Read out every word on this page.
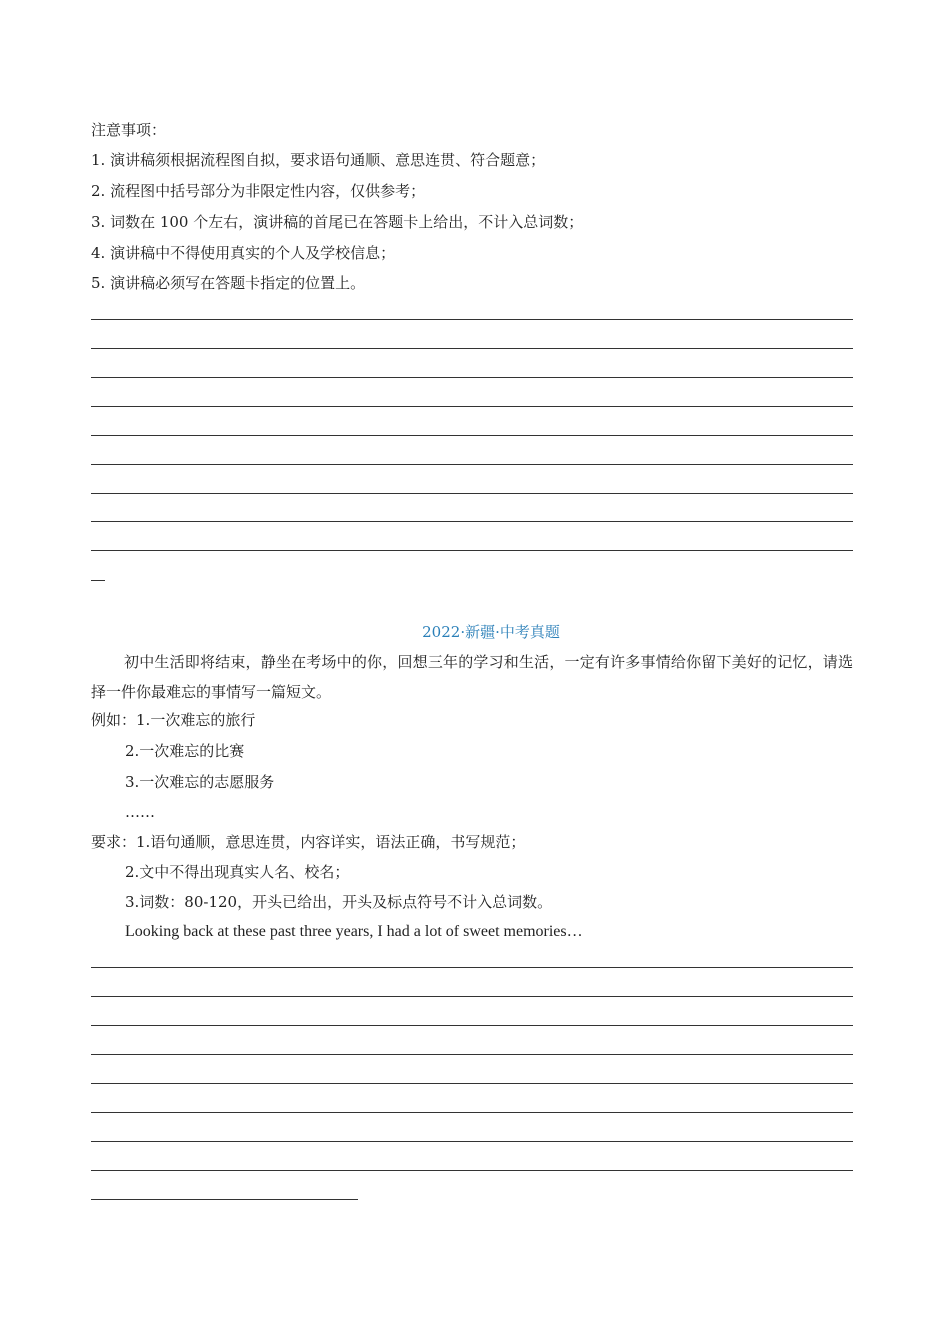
注意事项：
1. 演讲稿须根据流程图自拟，要求语句通顺、意思连贯、符合题意；
2. 流程图中括号部分为非限定性内容，仅供参考；
3. 词数在 100 个左右，演讲稿的首尾已在答题卡上给出，不计入总词数；
4. 演讲稿中不得使用真实的个人及学校信息；
5. 演讲稿必须写在答题卡指定的位置上。
2022·新疆·中考真题
初中生活即将结束，静坐在考场中的你，回想三年的学习和生活，一定有许多事情给你留下美好的记忆，请选择一件你最难忘的事情写一篇短文。
例如：1.一次难忘的旅行
2.一次难忘的比赛
3.一次难忘的志愿服务
……
要求：1.语句通顺，意思连贯，内容详实，语法正确，书写规范；
2.文中不得出现真实人名、校名；
3.词数：80-120，开头已给出，开头及标点符号不计入总词数。
Looking back at these past three years, I had a lot of sweet memories…
